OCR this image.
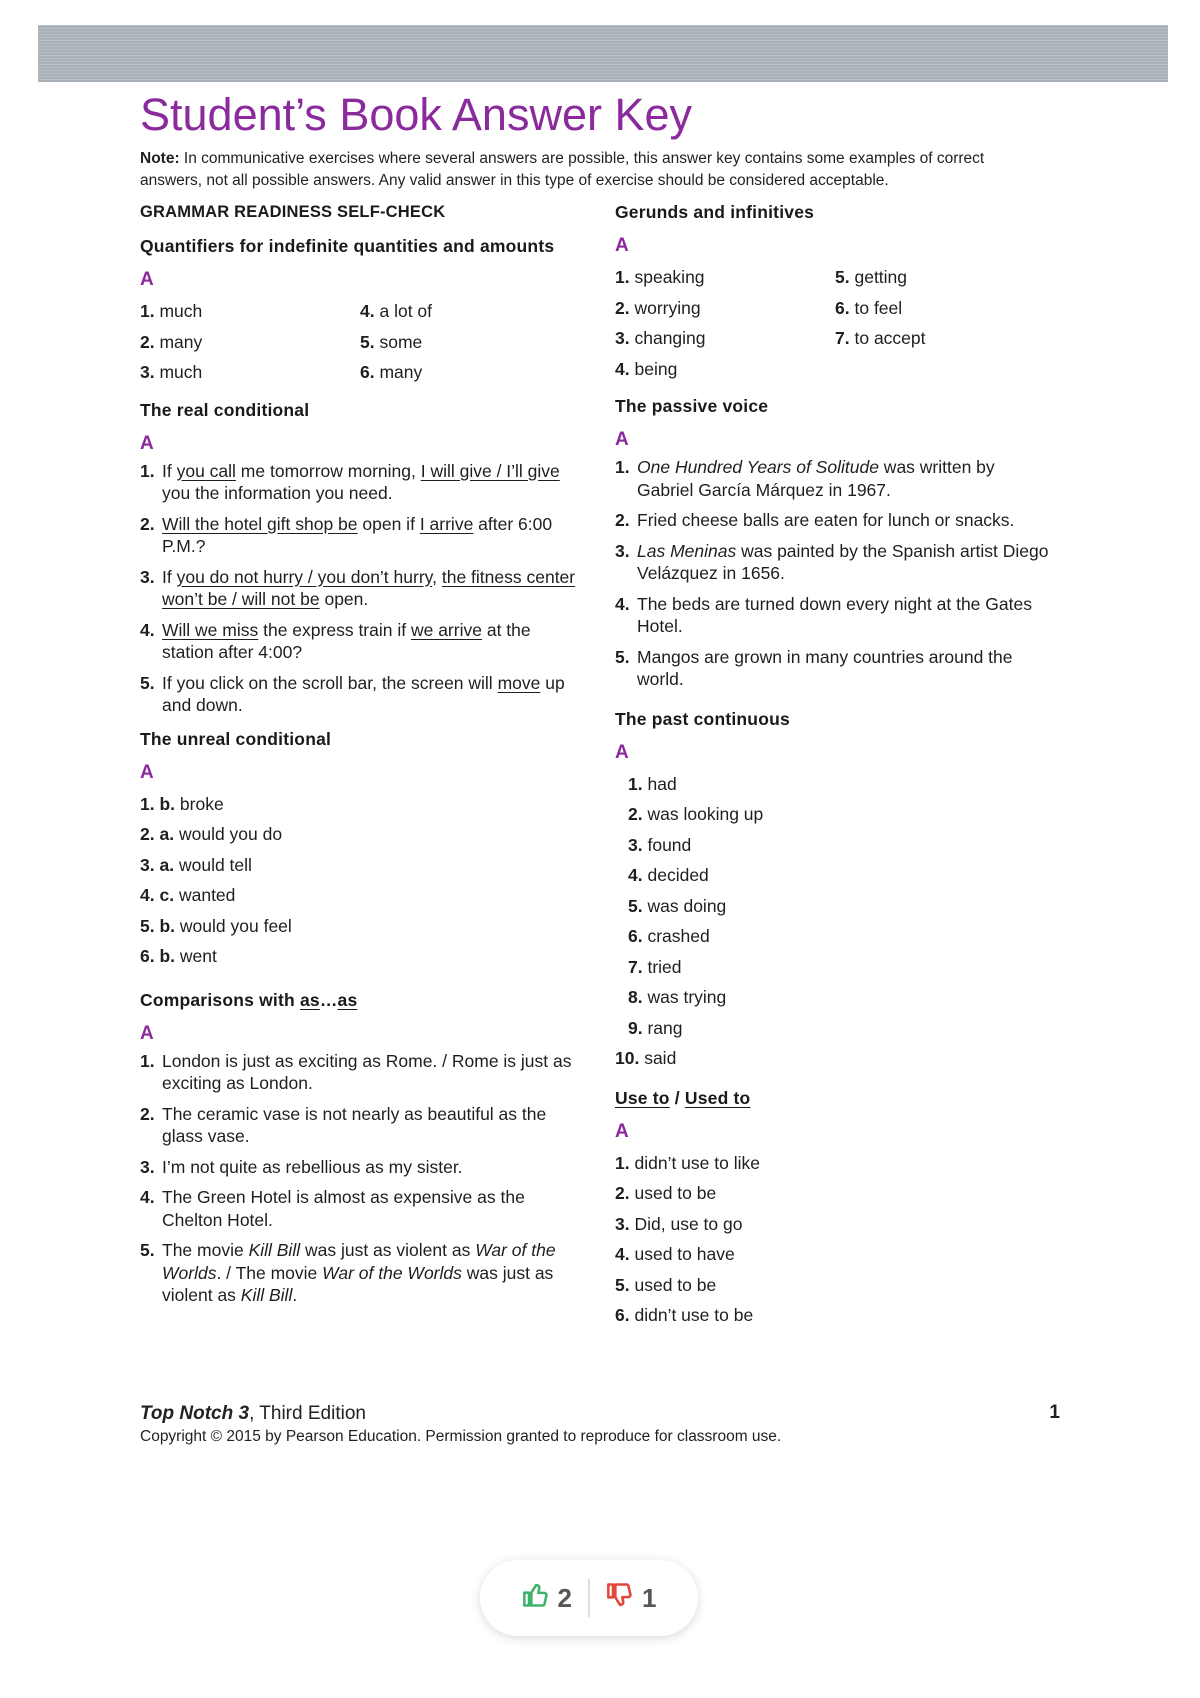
Student’s Book Answer Key
Note: In communicative exercises where several answers are possible, this answer key contains some examples of correct answers, not all possible answers. Any valid answer in this type of exercise should be considered acceptable.

GRAMMAR READINESS SELF-CHECK

Quantifiers for indefinite quantities and amounts

A
1. much
2. many
3. much
4. a lot of
5. some
6. many

The real conditional

A
1. If you call me tomorrow morning, I will give / I’ll give you the information you need.
2. Will the hotel gift shop be open if I arrive after 6:00 P.M.?
3. If you do not hurry / you don’t hurry, the fitness center won’t be / will not be open.
4. Will we miss the express train if we arrive at the station after 4:00?
5. If you click on the scroll bar, the screen will move up and down.

The unreal conditional

A
1. b. broke
2. a. would you do
3. a. would tell
4. c. wanted
5. b. would you feel
6. b. went

Comparisons with as…as

A
1. London is just as exciting as Rome. / Rome is just as exciting as London.
2. The ceramic vase is not nearly as beautiful as the glass vase.
3. I’m not quite as rebellious as my sister.
4. The Green Hotel is almost as expensive as the Chelton Hotel.
5. The movie Kill Bill was just as violent as War of the Worlds. / The movie War of the Worlds was just as violent as Kill Bill.

Gerunds and infinitives

A
1. speaking
2. worrying
3. changing
4. being
5. getting
6. to feel
7. to accept

The passive voice

A
1. One Hundred Years of Solitude was written by Gabriel García Márquez in 1967.
2. Fried cheese balls are eaten for lunch or snacks.
3. Las Meninas was painted by the Spanish artist Diego Velázquez in 1656.
4. The beds are turned down every night at the Gates Hotel.
5. Mangos are grown in many countries around the world.

The past continuous

A
1. had
2. was looking up
3. found
4. decided
5. was doing
6. crashed
7. tried
8. was trying
9. rang
10. said

Use to / Used to

A
1. didn’t use to like
2. used to be
3. Did, use to go
4. used to have
5. used to be
6. didn’t use to be
Top Notch 3, Third Edition	1
Copyright © 2015 by Pearson Education. Permission granted to reproduce for classroom use.
2	1
